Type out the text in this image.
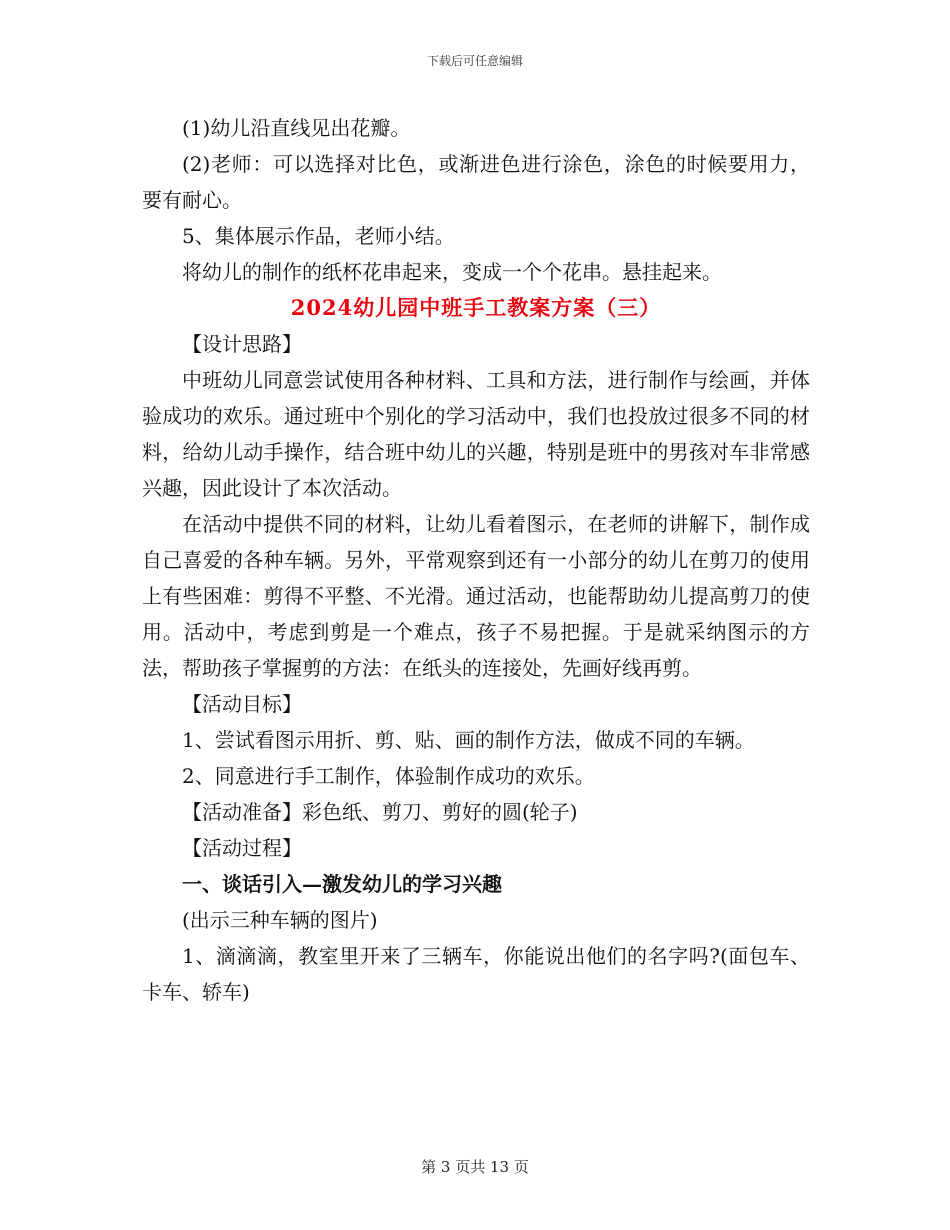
下载后可任意编辑

(1)幼儿沿直线见出花瓣。

(2)老师：可以选择对比色，或渐进色进行涂色，涂色的时候要用力，要有耐心。

5、集体展示作品，老师小结。

将幼儿的制作的纸杯花串起来，变成一个个花串。悬挂起来。

2024幼儿园中班手工教案方案（三）

【设计思路】

中班幼儿同意尝试使用各种材料、工具和方法，进行制作与绘画，并体验成功的欢乐。通过班中个别化的学习活动中，我们也投放过很多不同的材料，给幼儿动手操作，结合班中幼儿的兴趣，特别是班中的男孩对车非常感兴趣，因此设计了本次活动。

在活动中提供不同的材料，让幼儿看着图示，在老师的讲解下，制作成自己喜爱的各种车辆。另外，平常观察到还有一小部分的幼儿在剪刀的使用上有些困难：剪得不平整、不光滑。通过活动，也能帮助幼儿提高剪刀的使用。活动中，考虑到剪是一个难点，孩子不易把握。于是就采纳图示的方法，帮助孩子掌握剪的方法：在纸头的连接处，先画好线再剪。

【活动目标】

1、尝试看图示用折、剪、贴、画的制作方法，做成不同的车辆。

2、同意进行手工制作，体验制作成功的欢乐。

【活动准备】彩色纸、剪刀、剪好的圆(轮子)

【活动过程】

一、谈话引入—激发幼儿的学习兴趣

(出示三种车辆的图片)

1、滴滴滴，教室里开来了三辆车，你能说出他们的名字吗?(面包车、卡车、轿车)

第 3 页共 13 页
